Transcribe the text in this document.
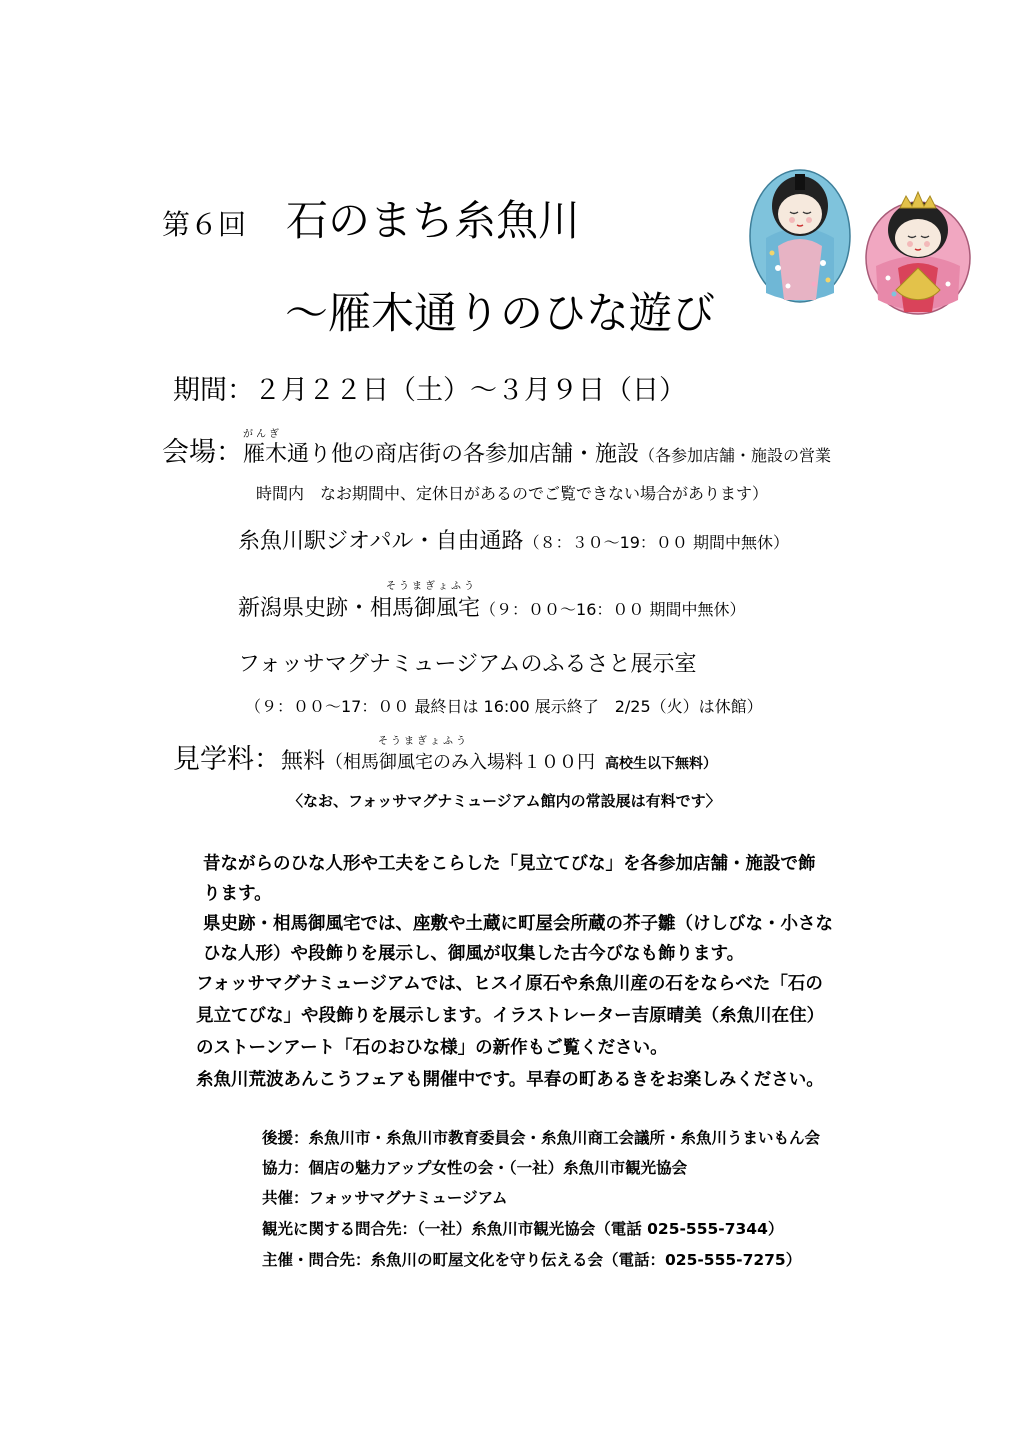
第６回 石のまち糸魚川
～雁木通りのひな遊び
期間：２月２２日（土）～３月９日（日）
がんぎ
会場：雁木通り他の商店街の各参加店舗・施設（各参加店舗・施設の営業
時間内　なお期間中、定休日があるのでご覧できない場合があります）
糸魚川駅ジオパル・自由通路（８：３０～19：００ 期間中無休）
そうまぎょふう
新潟県史跡・相馬御風宅（９：００～16：００ 期間中無休）
フォッサマグナミュージアムのふるさと展示室
（９：００～17：００ 最終日は 16:00 展示終了　2/25（火）は休館）
そうまぎょふう
見学料：無料（相馬御風宅のみ入場料１００円 高校生以下無料）
〈なお、フォッサマグナミュージアム館内の常設展は有料です〉
昔ながらのひな人形や工夫をこらした「見立てびな」を各参加店舗・施設で飾
ります。
県史跡・相馬御風宅では、座敷や土蔵に町屋会所蔵の芥子雛（けしびな・小さな
ひな人形）や段飾りを展示し、御風が収集した古今びなも飾ります。
フォッサマグナミュージアムでは、ヒスイ原石や糸魚川産の石をならべた「石の
見立てびな」や段飾りを展示します。イラストレーター吉原晴美（糸魚川在住）
のストーンアート「石のおひな様」の新作もご覧ください。
糸魚川荒波あんこうフェアも開催中です。早春の町あるきをお楽しみください。
後援：糸魚川市・糸魚川市教育委員会・糸魚川商工会議所・糸魚川うまいもん会
協力：個店の魅力アップ女性の会・（一社）糸魚川市観光協会
共催：フォッサマグナミュージアム
観光に関する問合先：（一社）糸魚川市観光協会（電話 025-555-7344）
主催・問合先：糸魚川の町屋文化を守り伝える会（電話：025-555-7275）
